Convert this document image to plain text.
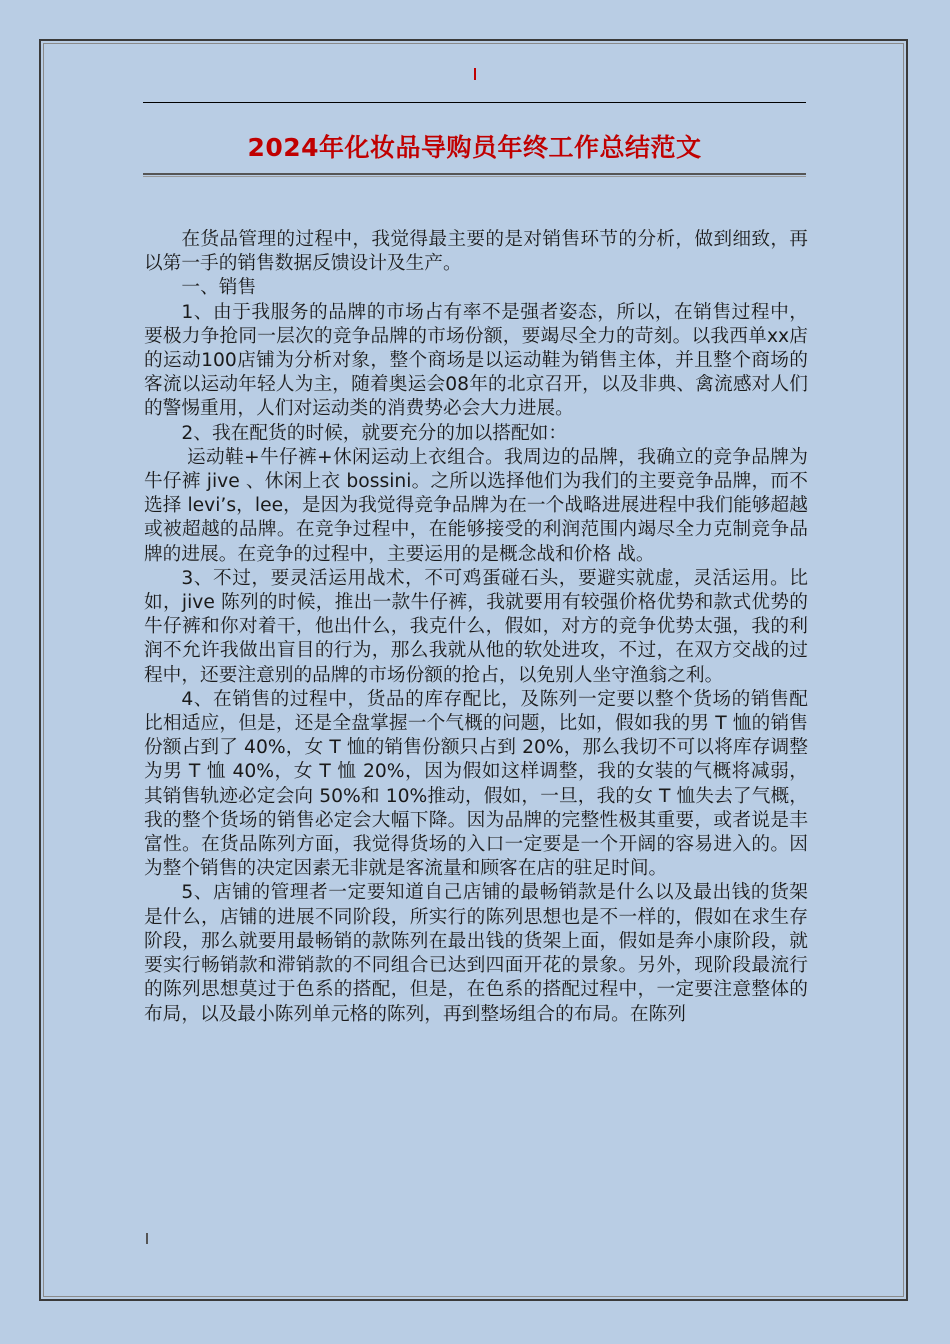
2024年化妆品导购员年终工作总结范文

在货品管理的过程中，我觉得最主要的是对销售环节的分析，做到细致，再以第一手的销售数据反馈设计及生产。

一、销售

1、由于我服务的品牌的市场占有率不是强者姿态，所以，在销售过程中，要极力争抢同一层次的竞争品牌的市场份额，要竭尽全力的苛刻。以我西单xx店的运动100店铺为分析对象，整个商场是以运动鞋为销售主体，并且整个商场的客流以运动年轻人为主，随着奥运会08年的北京召开，以及非典、禽流感对人们的警惕重用，人们对运动类的消费势必会大力进展。

2、我在配货的时候，就要充分的加以搭配如：

运动鞋+牛仔裤+休闲运动上衣组合。我周边的品牌，我确立的竞争品牌为牛仔裤 jive 、休闲上衣 bossini。之所以选择他们为我们的主要竞争品牌，而不选择 levi’s，lee，是因为我觉得竞争品牌为在一个战略进展进程中我们能够超越或被超越的品牌。在竞争过程中，在能够接受的利润范围内竭尽全力克制竞争品牌的进展。在竞争的过程中，主要运用的是概念战和价格 战。

3、不过，要灵活运用战术，不可鸡蛋碰石头，要避实就虚，灵活运用。比如，jive 陈列的时候，推出一款牛仔裤，我就要用有较强价格优势和款式优势的牛仔裤和你对着干，他出什么，我克什么，假如，对方的竞争优势太强，我的利润不允许我做出盲目的行为，那么我就从他的软处进攻，不过，在双方交战的过程中，还要注意别的品牌的市场份额的抢占，以免别人坐守渔翁之利。

4、在销售的过程中，货品的库存配比，及陈列一定要以整个货场的销售配比相适应，但是，还是全盘掌握一个气概的问题，比如，假如我的男 T 恤的销售份额占到了 40%，女 T 恤的销售份额只占到 20%，那么我切不可以将库存调整为男 T 恤 40%，女 T 恤 20%，因为假如这样调整，我的女装的气概将减弱，其销售轨迹必定会向 50%和 10%推动，假如，一旦，我的女 T 恤失去了气概，我的整个货场的销售必定会大幅下降。因为品牌的完整性极其重要，或者说是丰富性。在货品陈列方面，我觉得货场的入口一定要是一个开阔的容易进入的。因为整个销售的决定因素无非就是客流量和顾客在店的驻足时间。

5、店铺的管理者一定要知道自己店铺的最畅销款是什么以及最出钱的货架是什么，店铺的进展不同阶段，所实行的陈列思想也是不一样的，假如在求生存阶段，那么就要用最畅销的款陈列在最出钱的货架上面，假如是奔小康阶段，就要实行畅销款和滞销款的不同组合已达到四面开花的景象。另外，现阶段最流行的陈列思想莫过于色系的搭配，但是，在色系的搭配过程中，一定要注意整体的布局，以及最小陈列单元格的陈列，再到整场组合的布局。在陈列
